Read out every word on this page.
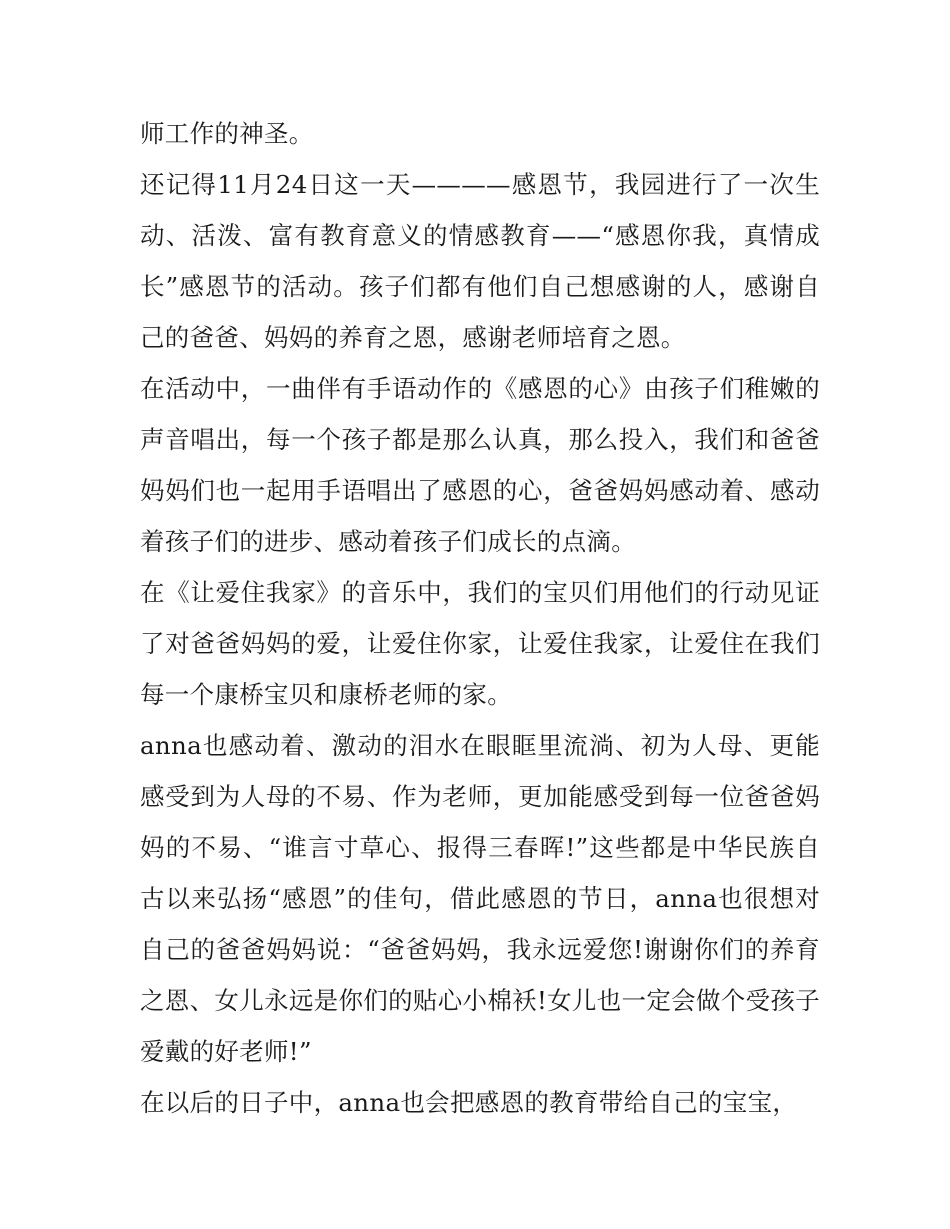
师工作的神圣。

还记得11月24日这一天————感恩节，我园进行了一次生动、活泼、富有教育意义的情感教育——“感恩你我，真情成长”感恩节的活动。孩子们都有他们自己想感谢的人，感谢自己的爸爸、妈妈的养育之恩，感谢老师培育之恩。

在活动中，一曲伴有手语动作的《感恩的心》由孩子们稚嫩的声音唱出，每一个孩子都是那么认真，那么投入，我们和爸爸妈妈们也一起用手语唱出了感恩的心，爸爸妈妈感动着、感动着孩子们的进步、感动着孩子们成长的点滴。

在《让爱住我家》的音乐中，我们的宝贝们用他们的行动见证了对爸爸妈妈的爱，让爱住你家，让爱住我家，让爱住在我们每一个康桥宝贝和康桥老师的家。

anna也感动着、激动的泪水在眼眶里流淌、初为人母、更能感受到为人母的不易、作为老师，更加能感受到每一位爸爸妈妈的不易、“谁言寸草心、报得三春晖!”这些都是中华民族自古以来弘扬“感恩”的佳句，借此感恩的节日，anna也很想对自己的爸爸妈妈说：“爸爸妈妈，我永远爱您!谢谢你们的养育之恩、女儿永远是你们的贴心小棉袄!女儿也一定会做个受孩子爱戴的好老师!”

在以后的日子中，anna也会把感恩的教育带给自己的宝宝，
